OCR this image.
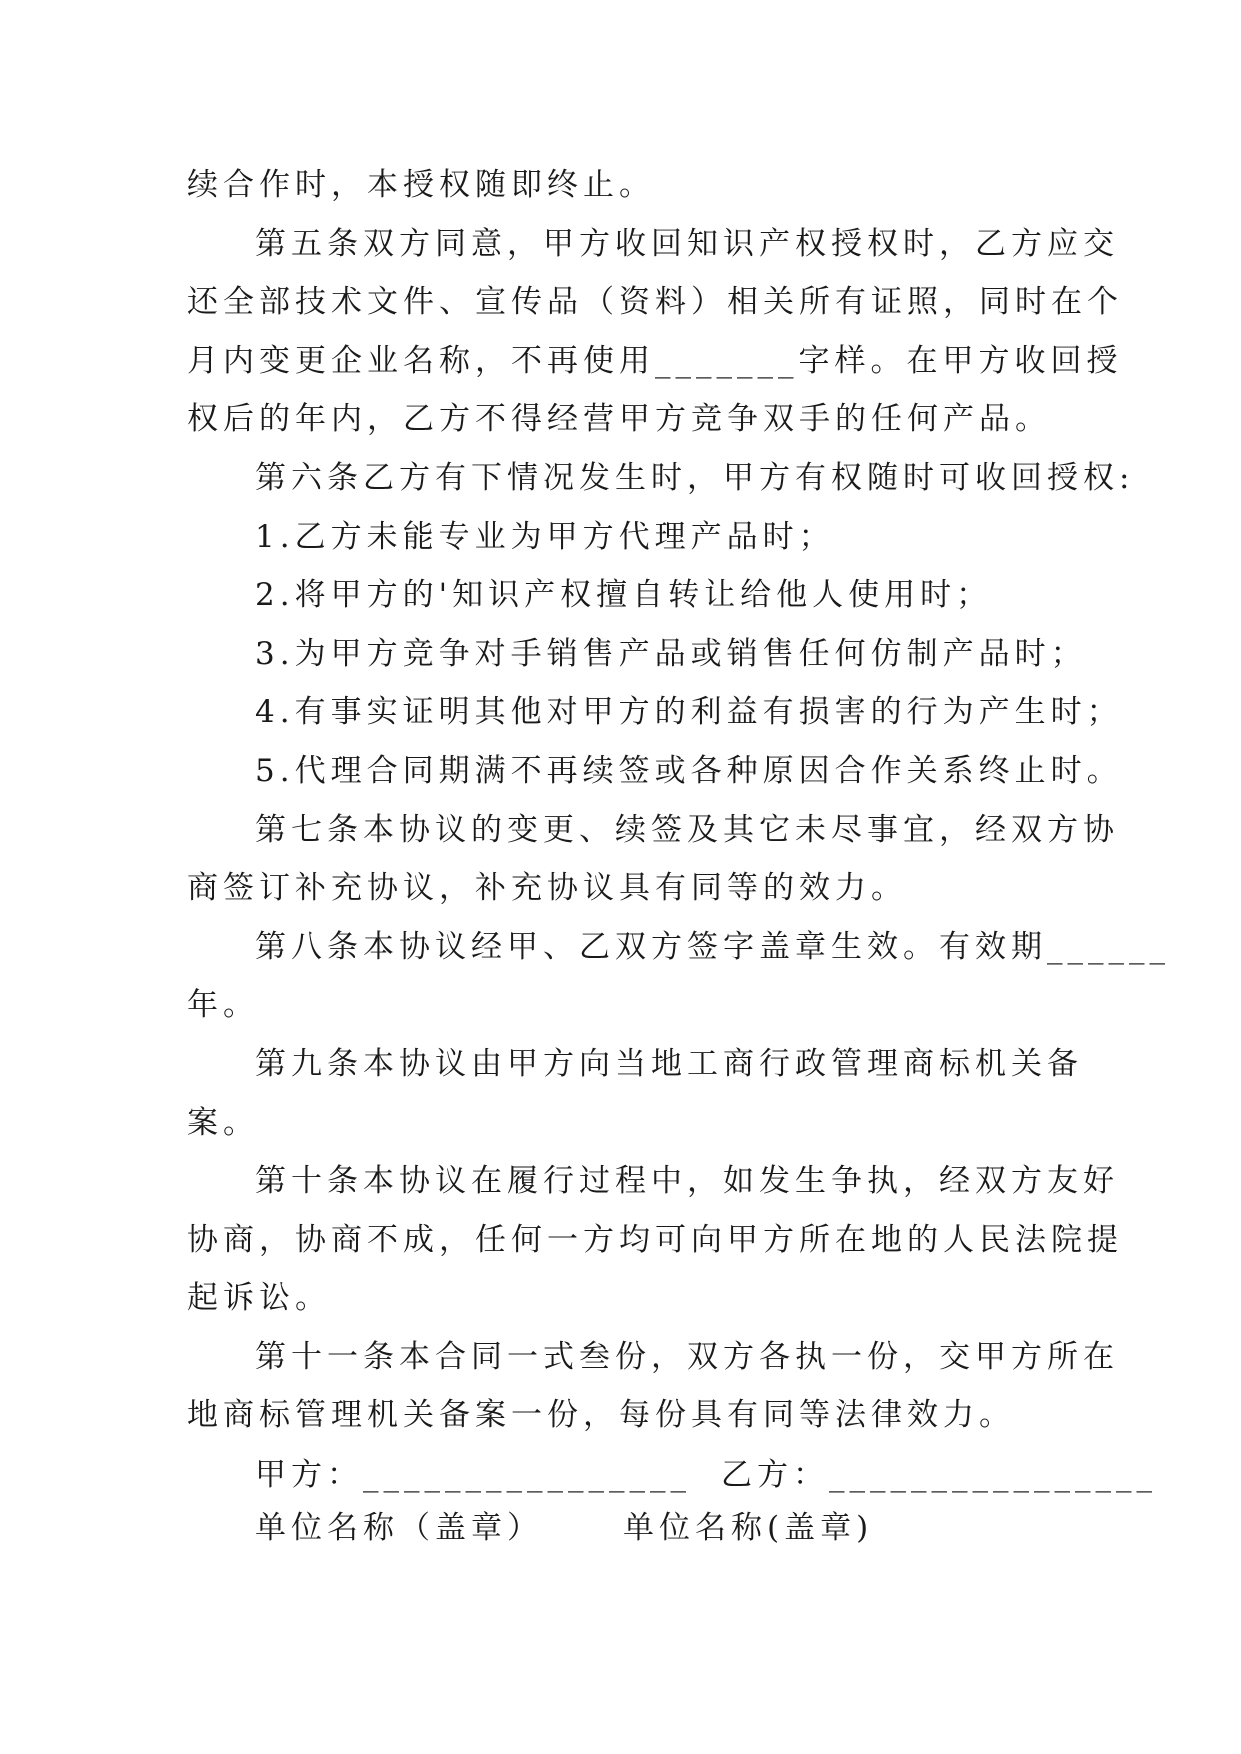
续合作时，本授权随即终止。
第五条双方同意，甲方收回知识产权授权时，乙方应交
还全部技术文件、宣传品（资料）相关所有证照，同时在个
月内变更企业名称，不再使用_______字样。在甲方收回授
权后的年内，乙方不得经营甲方竞争双手的任何产品。
第六条乙方有下情况发生时，甲方有权随时可收回授权:
1.乙方未能专业为甲方代理产品时；
2.将甲方的'知识产权擅自转让给他人使用时；
3.为甲方竞争对手销售产品或销售任何仿制产品时；
4.有事实证明其他对甲方的利益有损害的行为产生时；
5.代理合同期满不再续签或各种原因合作关系终止时。
第七条本协议的变更、续签及其它未尽事宜，经双方协
商签订补充协议，补充协议具有同等的效力。
第八条本协议经甲、乙双方签字盖章生效。有效期______
年。
第九条本协议由甲方向当地工商行政管理商标机关备
案。
第十条本协议在履行过程中，如发生争执，经双方友好
协商，协商不成，任何一方均可向甲方所在地的人民法院提
起诉讼。
第十一条本合同一式叁份，双方各执一份，交甲方所在
地商标管理机关备案一份，每份具有同等法律效力。
甲方：________________ 乙方：________________
单位名称（盖章）	单位名称(盖章)
